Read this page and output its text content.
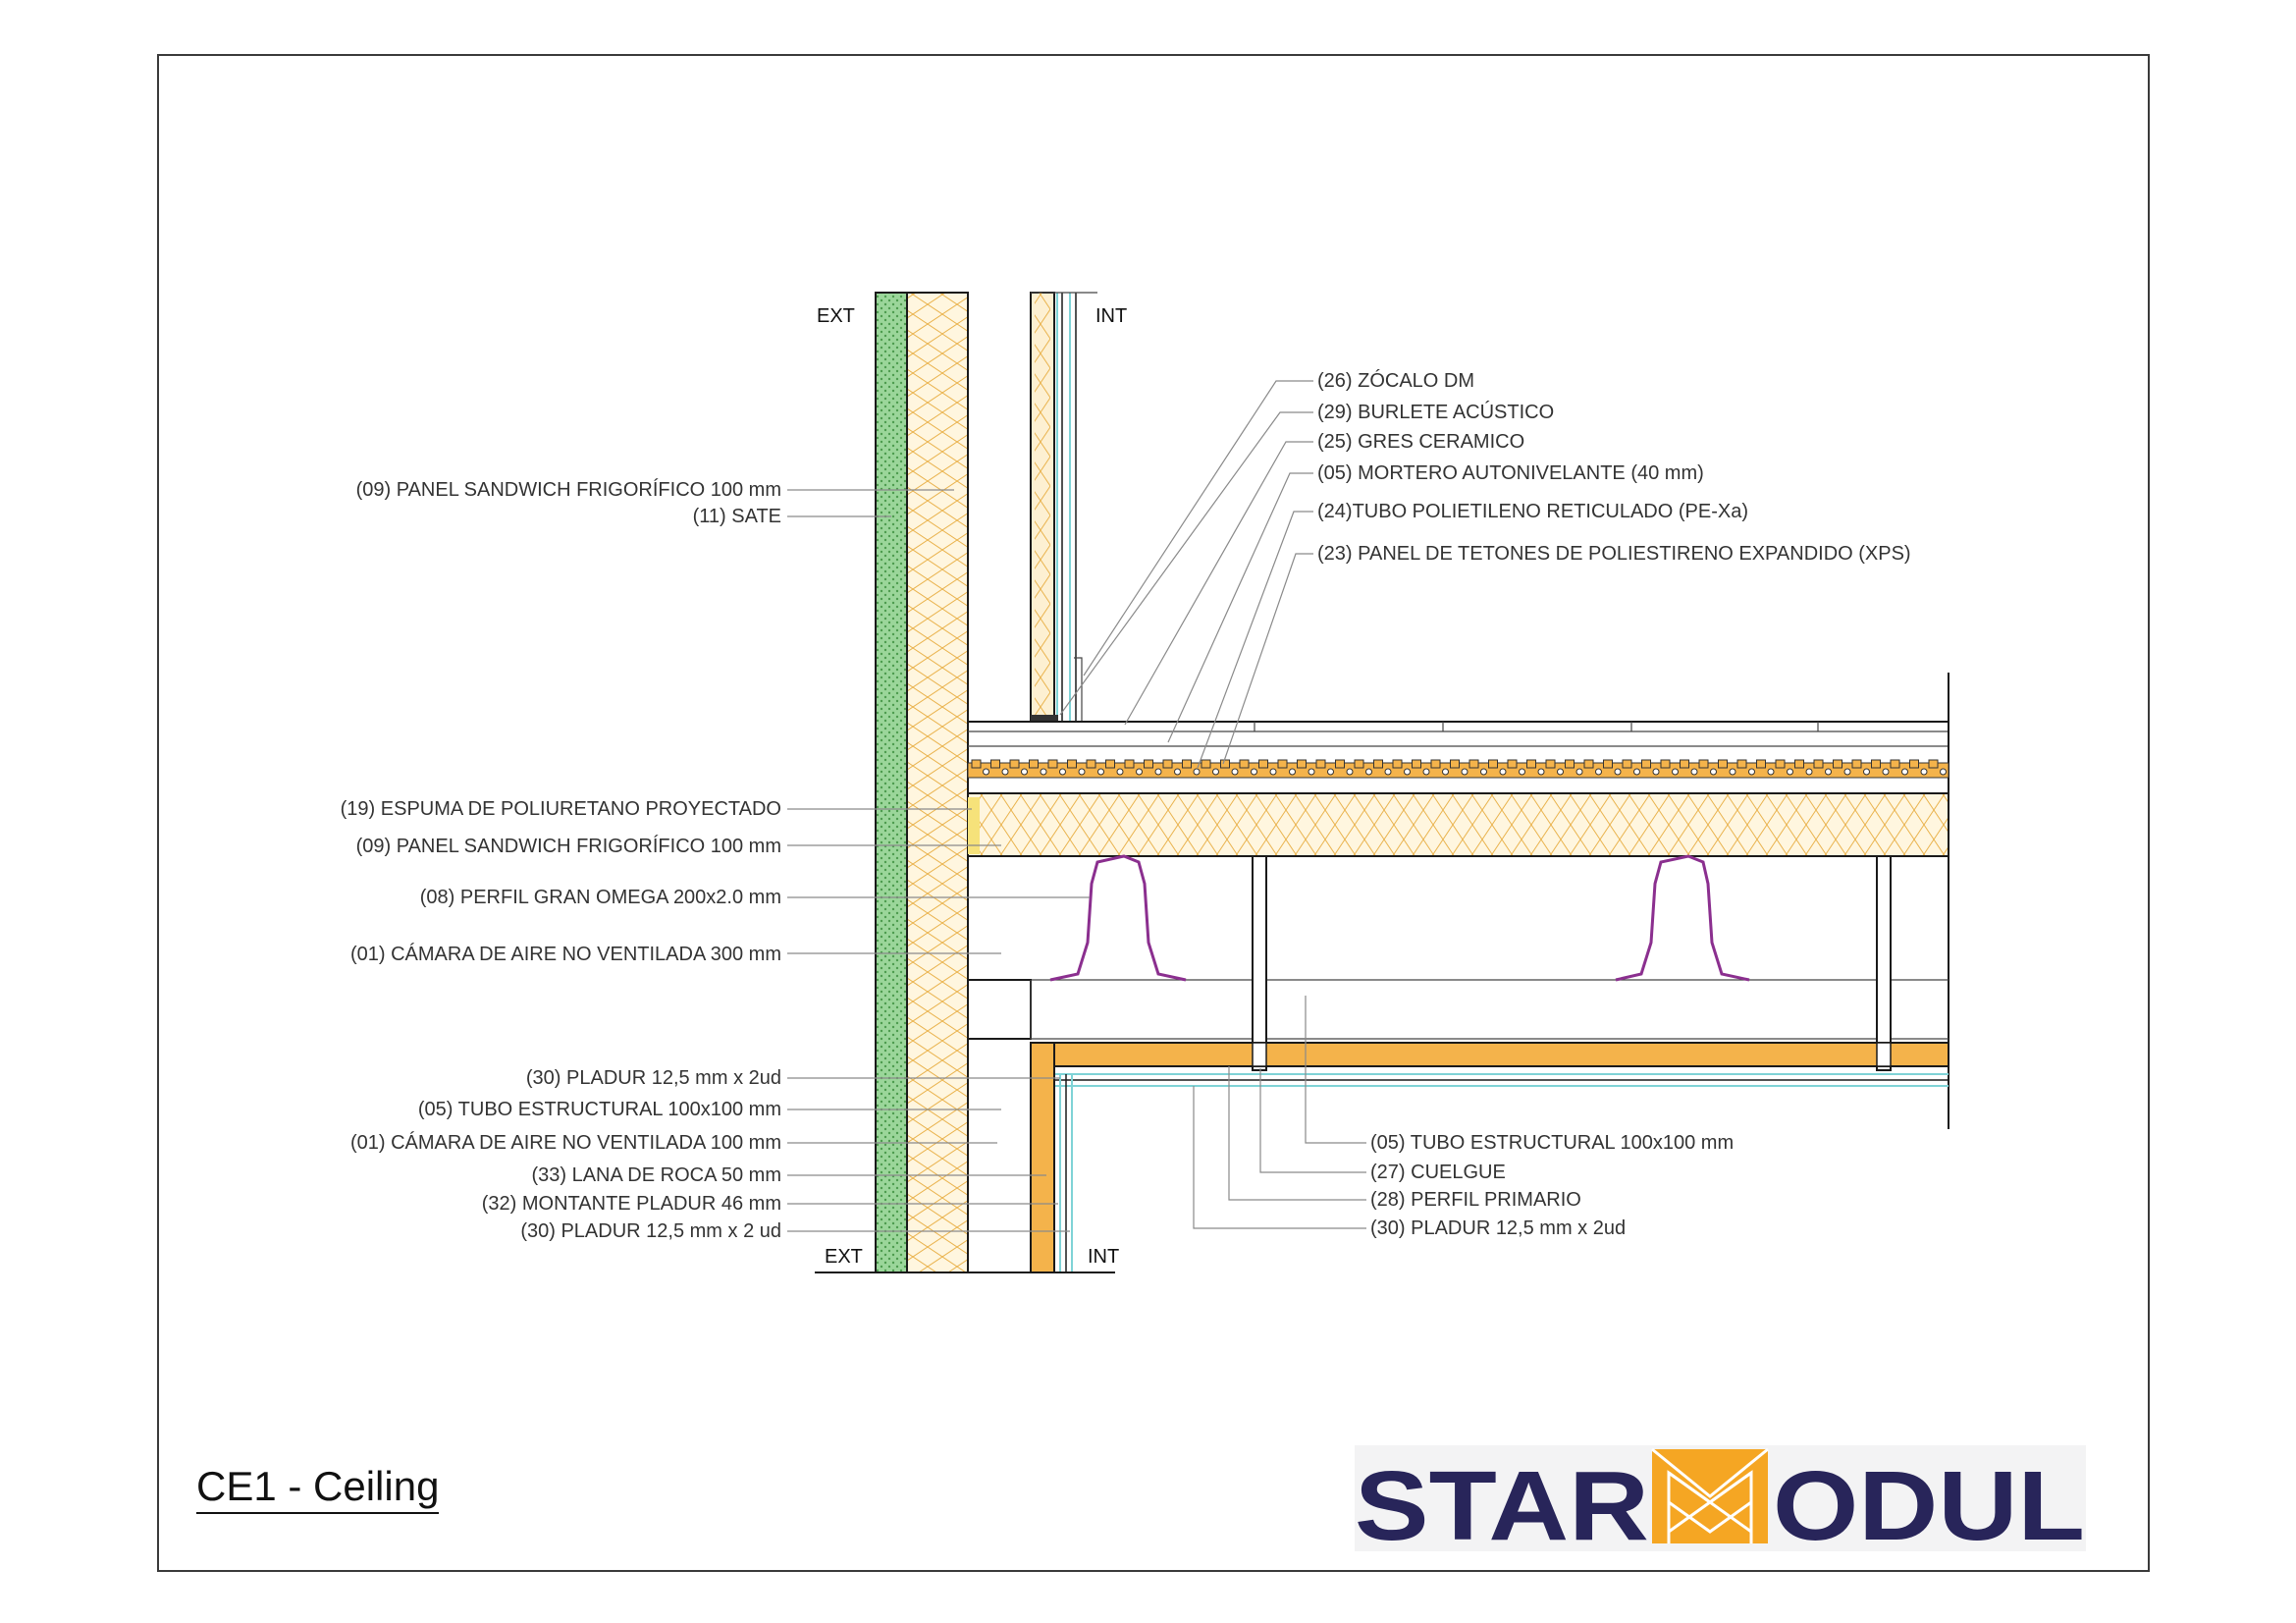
EXT	INT
EXT	INT
(09) PANEL SANDWICH FRIGORÍFICO 100 mm
(11) SATE
(19) ESPUMA DE POLIURETANO PROYECTADO
(09) PANEL SANDWICH FRIGORÍFICO 100 mm
(08) PERFIL GRAN OMEGA 200x2.0 mm
(01) CÁMARA DE AIRE NO VENTILADA 300 mm
(30) PLADUR 12,5 mm x 2ud
(05) TUBO ESTRUCTURAL 100x100 mm
(01) CÁMARA DE AIRE NO VENTILADA 100 mm
(33) LANA DE ROCA 50 mm
(32) MONTANTE PLADUR 46 mm
(30) PLADUR 12,5 mm x 2 ud
(26) ZÓCALO DM
(29) BURLETE ACÚSTICO
(25) GRES CERAMICO
(05) MORTERO AUTONIVELANTE (40 mm)
(24)TUBO POLIETILENO RETICULADO (PE-Xa)
(23) PANEL DE TETONES DE POLIESTIRENO EXPANDIDO (XPS)
(05) TUBO ESTRUCTURAL 100x100 mm
(27) CUELGUE
(28) PERFIL PRIMARIO
(30) PLADUR 12,5 mm x 2ud
STAR ODUL
CE1 - Ceiling
